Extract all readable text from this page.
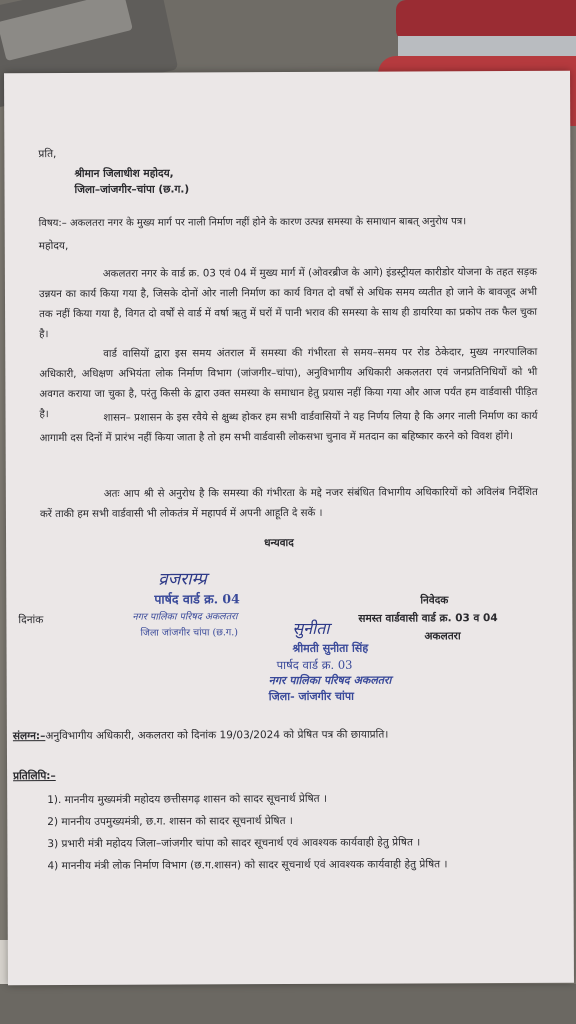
प्रति,
श्रीमान जिलाधीश महोदय,
जिला–जांजगीर–चांपा (छ.ग.)
विषय:– अकलतरा नगर के मुख्य मार्ग पर नाली निर्माण नहीं होने के कारण उत्पन्न समस्या के समाधान बाबत् अनुरोध पत्र।
महोदय,
अकलतरा नगर के वार्ड क्र. 03 एवं 04 में मुख्य मार्ग में (ओवरब्रीज के आगे) इंडस्ट्रीयल कारीडोर योजना के तहत सड़क उन्नयन का कार्य किया गया है, जिसके दोनों ओर नाली निर्माण का कार्य विगत दो वर्षों से अधिक समय व्यतीत हो जाने के बावजूद अभी तक नहीं किया गया है, विगत दो वर्षों से वार्ड में वर्षा ऋतु में घरों में पानी भराव की समस्या के साथ ही डायरिया का प्रकोप तक फैल चुका है।
वार्ड वासियों द्वारा इस समय अंतराल में समस्या की गंभीरता से समय–समय पर रोड ठेकेदार, मुख्य नगरपालिका अधिकारी, अधिक्षण अभियंता लोक निर्माण विभाग (जांजगीर–चांपा), अनुविभागीय अधिकारी अकलतरा एवं जनप्रतिनिधियों को भी अवगत कराया जा चुका है, परंतु किसी के द्वारा उक्त समस्या के समाधान हेतु प्रयास नहीं किया गया और आज पर्यंत हम वार्डवासी पीड़ित है।	शासन– प्रशासन के इस रवैये से क्षुब्ध होकर हम सभी वार्डवासियों ने यह निर्णय लिया है कि अगर नाली निर्माण का कार्य आगामी दस दिनों में प्रारंभ नहीं किया जाता है तो हम सभी वार्डवासी लोकसभा चुनाव में मतदान का बहिष्कार करने को विवश होंगे।
अतः आप श्री से अनुरोध है कि समस्या की गंभीरता के मद्दे नजर संबंधित विभागीय अधिकारियों को अविलंब निर्देशित करें ताकी हम सभी वार्डवासी भी लोकतंत्र में महापर्व में अपनी आहूति दे सकें ।
धन्यवाद
दिनांक
व्रजराम्प्र
पार्षद वार्ड क्र. 04
नगर पालिका परिषद अकलतरा
जिला जांजगीर चांपा (छ.ग.)
निवेदक
समस्त वार्डवासी वार्ड क्र. 03 व 04
अकलतरा
सुनीता
श्रीमती सुनीता सिंह
पार्षद वार्ड क्र. 03
नगर पालिका परिषद अकलतरा
जिला- जांजगीर चांपा
संलग्न:–अनुविभागीय अधिकारी, अकलतरा को दिनांक 19/03/2024 को प्रेषित पत्र की छायाप्रति।
प्रतिलिपि:–
1). माननीय मुख्यमंत्री महोदय छत्तीसगढ़ शासन को सादर सूचनार्थ प्रेषित ।
2) माननीय उपमुख्यमंत्री, छ.ग. शासन को सादर सूचनार्थ प्रेषित ।
3) प्रभारी मंत्री महोदय जिला–जांजगीर चांपा को सादर सूचनार्थ एवं आवश्यक कार्यवाही हेतु प्रेषित ।
4) माननीय मंत्री लोक निर्माण विभाग (छ.ग.शासन) को सादर सूचनार्थ एवं आवश्यक कार्यवाही हेतु प्रेषित ।
